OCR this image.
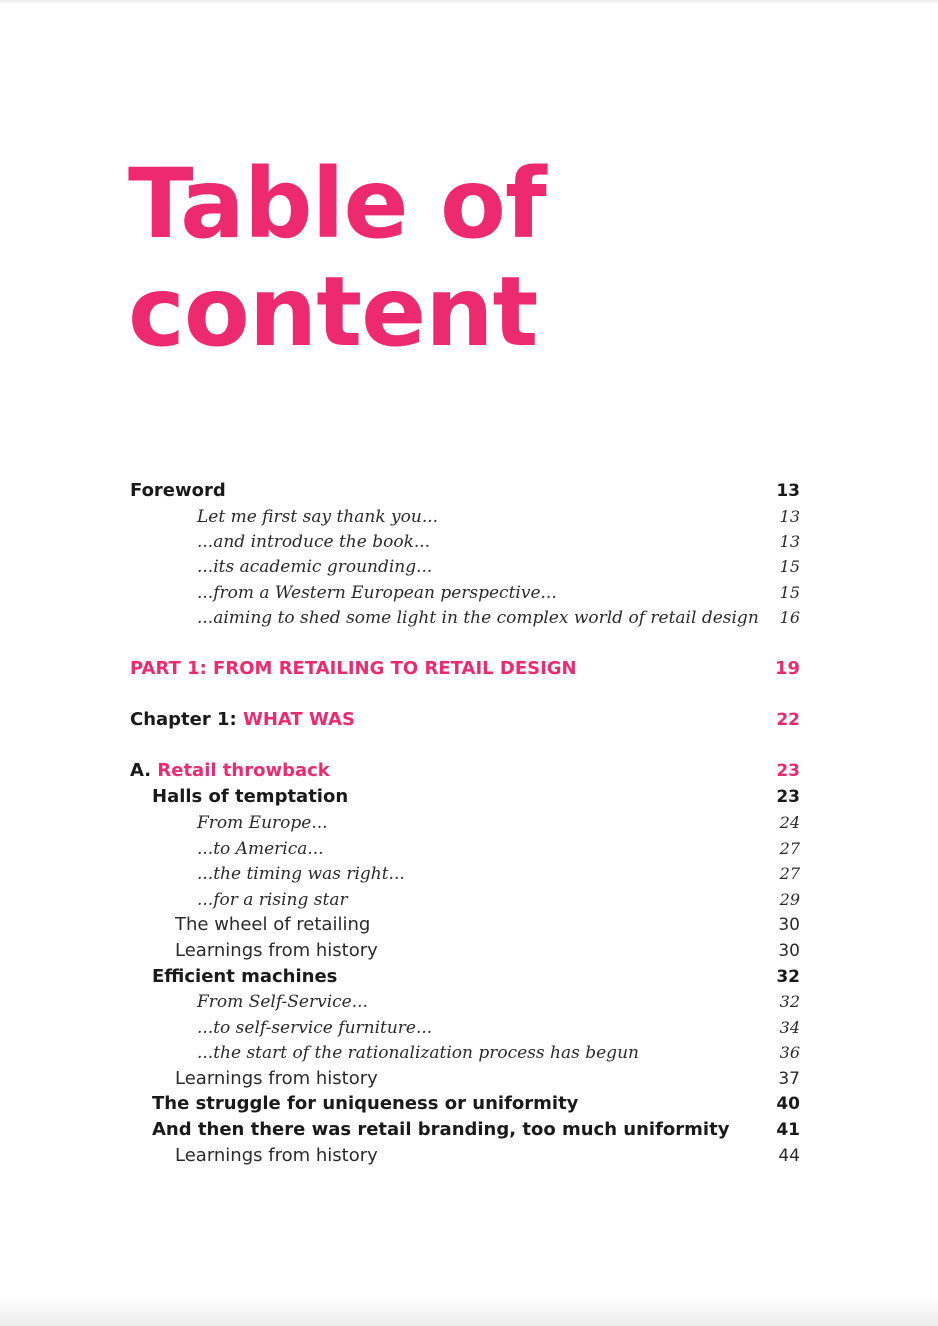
Table of
content
Foreword	13
Let me first say thank you...	13
...and introduce the book...	13
...its academic grounding...	15
...from a Western European perspective...	15
...aiming to shed some light in the complex world of retail design	16
PART 1: FROM RETAILING TO RETAIL DESIGN	19
Chapter 1: WHAT WAS	22
A. Retail throwback	23
Halls of temptation	23
From Europe...	24
...to America...	27
...the timing was right...	27
...for a rising star	29
The wheel of retailing	30
Learnings from history	30
Efficient machines	32
From Self-Service...	32
...to self-service furniture...	34
...the start of the rationalization process has begun	36
Learnings from history	37
The struggle for uniqueness or uniformity	40
And then there was retail branding, too much uniformity	41
Learnings from history	44
